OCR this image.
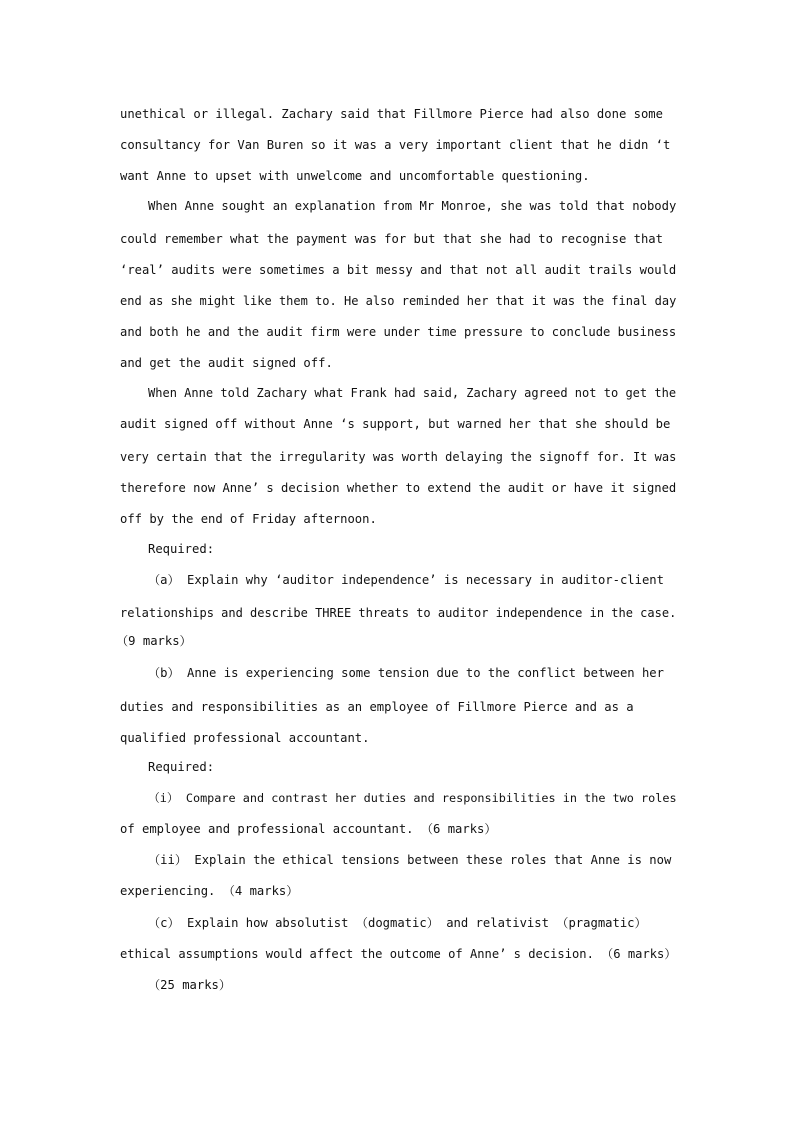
unethical or illegal. Zachary said that Fillmore Pierce had also done some

consultancy for Van Buren so it was a very important client that he didn ‘t

want Anne to upset with unwelcome and uncomfortable questioning.

When Anne sought an explanation from Mr Monroe, she was told that nobody

could remember what the payment was for but that she had to recognise that

‘real’ audits were sometimes a bit messy and that not all audit trails would

end as she might like them to. He also reminded her that it was the final day

and both he and the audit firm were under time pressure to conclude business

and get the audit signed off.

When Anne told Zachary what Frank had said, Zachary agreed not to get the

audit signed off without Anne ‘s support, but warned her that she should be

very certain that the irregularity was worth delaying the signoff for. It was

therefore now Anne’ s decision whether to extend the audit or have it signed

off by the end of Friday afternoon.

Required:

（a） Explain why ‘auditor independence’ is necessary in auditor-client

relationships and describe THREE threats to auditor independence in the case.

（9 marks）

（b） Anne is experiencing some tension due to the conflict between her

duties and responsibilities as an employee of Fillmore Pierce and as a

qualified professional accountant.

Required:

（i） Compare and contrast her duties and responsibilities in the two roles

of employee and professional accountant. （6 marks）

（ii） Explain the ethical tensions between these roles that Anne is now

experiencing. （4 marks）

（c） Explain how absolutist （dogmatic） and relativist （pragmatic）

ethical assumptions would affect the outcome of Anne’ s decision. （6 marks）

（25 marks）
